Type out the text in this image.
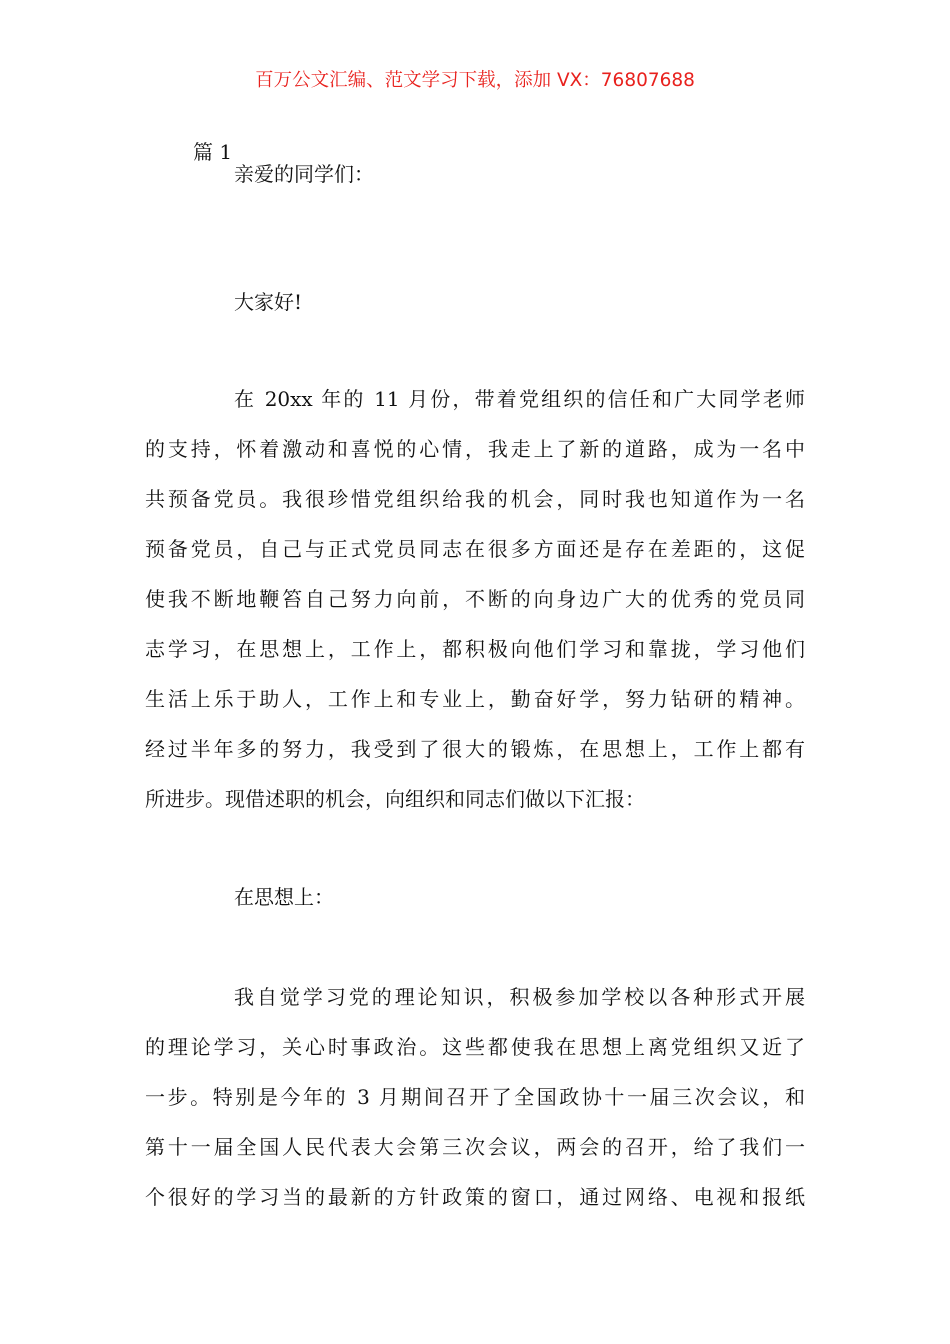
百万公文汇编、范文学习下载，添加 VX：76807688
篇 1
亲爱的同学们：
大家好!
在 20xx 年的 11 月份，带着党组织的信任和广大同学老师
的支持，怀着激动和喜悦的心情，我走上了新的道路，成为一名中
共预备党员。我很珍惜党组织给我的机会，同时我也知道作为一名
预备党员，自己与正式党员同志在很多方面还是存在差距的，这促
使我不断地鞭笞自己努力向前，不断的向身边广大的优秀的党员同
志学习，在思想上，工作上，都积极向他们学习和靠拢，学习他们
生活上乐于助人，工作上和专业上，勤奋好学，努力钻研的精神。
经过半年多的努力，我受到了很大的锻炼，在思想上，工作上都有
所进步。现借述职的机会，向组织和同志们做以下汇报：
在思想上：
我自觉学习党的理论知识，积极参加学校以各种形式开展
的理论学习，关心时事政治。这些都使我在思想上离党组织又近了
一步。特别是今年的 3 月期间召开了全国政协十一届三次会议，和
第十一届全国人民代表大会第三次会议，两会的召开，给了我们一
个很好的学习当的最新的方针政策的窗口，通过网络、电视和报纸
